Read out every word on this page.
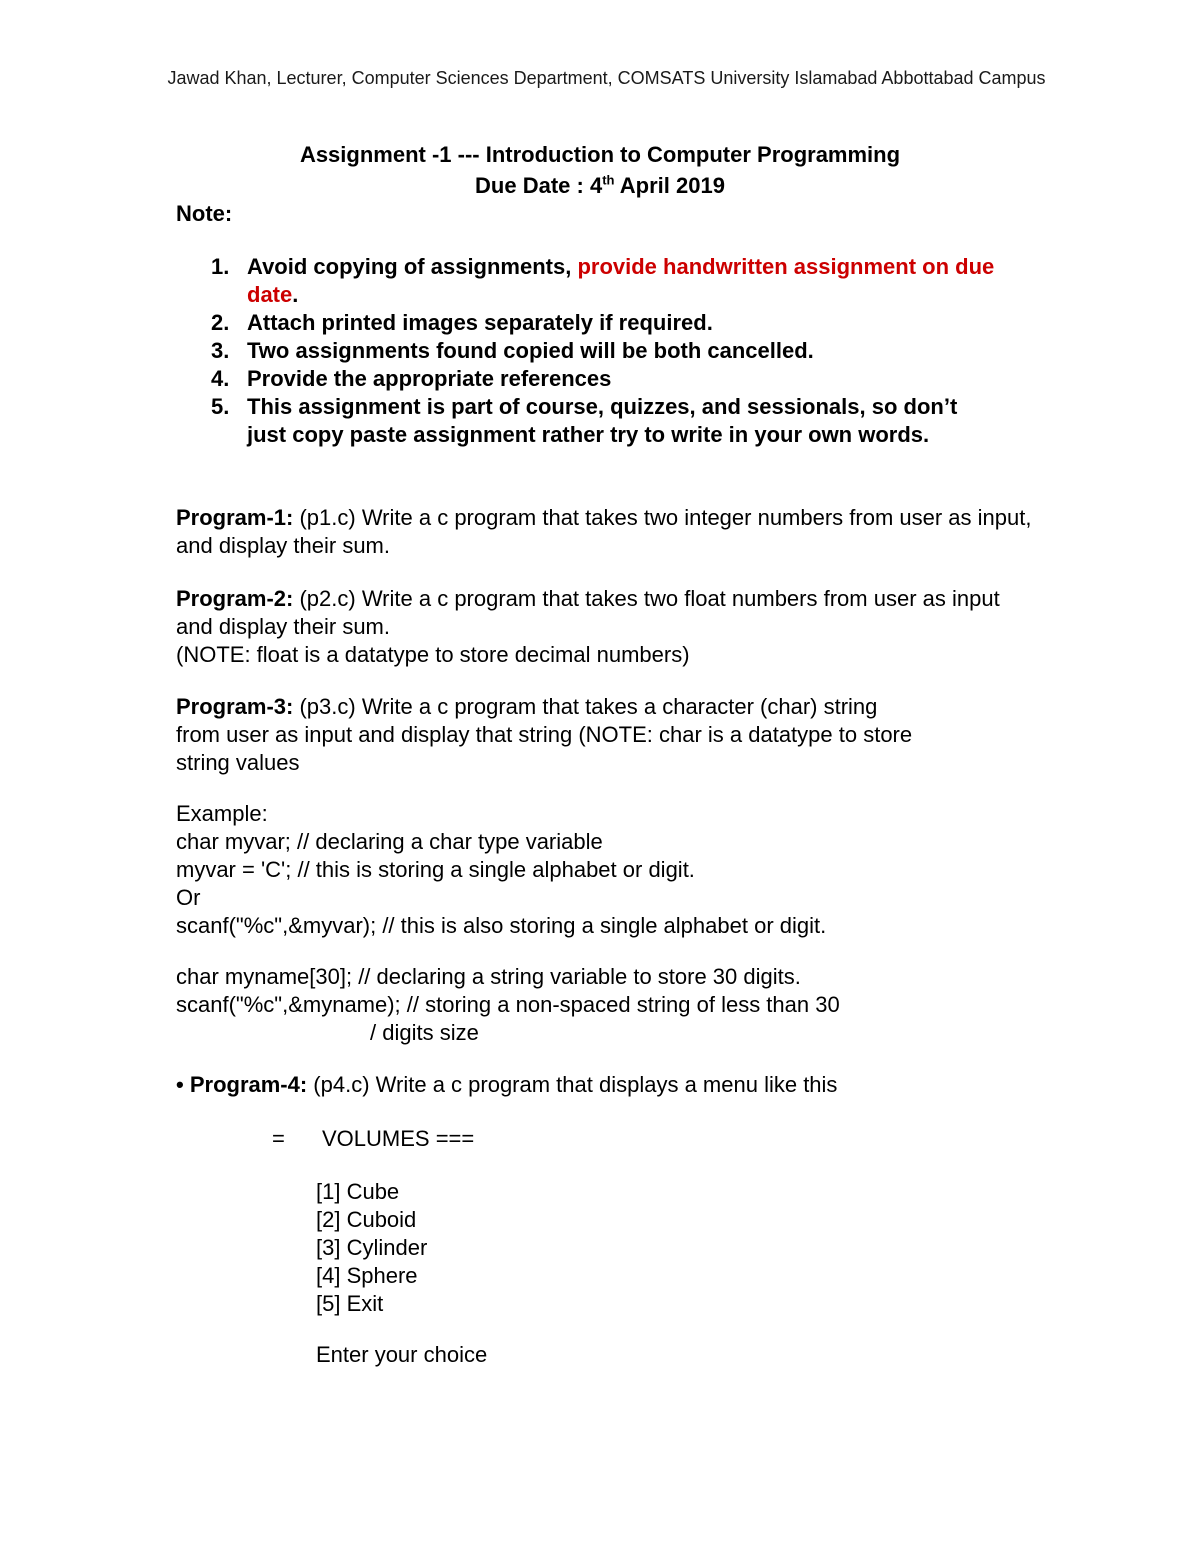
Jawad Khan, Lecturer, Computer Sciences Department, COMSATS University Islamabad Abbottabad Campus
Assignment -1 --- Introduction to Computer Programming
Due Date : 4th April 2019
Note:
1. Avoid copying of assignments, provide handwritten assignment on due date.
2. Attach printed images separately if required.
3. Two assignments found copied will be both cancelled.
4. Provide the appropriate references
5. This assignment is part of course, quizzes, and sessionals, so don’t just copy paste assignment rather try to write in your own words.
Program-1: (p1.c) Write a c program that takes two integer numbers from user as input, and display their sum.
Program-2: (p2.c) Write a c program that takes two float numbers from user as input and display their sum.
(NOTE: float is a datatype to store decimal numbers)
Program-3: (p3.c) Write a c program that takes a character (char) string
from user as input and display that string (NOTE: char is a datatype to store
string values
Example:
char myvar; // declaring a char type variable
myvar = 'C'; // this is storing a single alphabet or digit.
Or
scanf("%c",&myvar); // this is also storing a single alphabet or digit.
char myname[30]; // declaring a string variable to store 30 digits.
scanf("%c",&myname); // storing a non-spaced string of less than 30
/ digits size
• Program-4: (p4.c) Write a c program that displays a menu like this
= VOLUMES ===
[1] Cube
[2] Cuboid
[3] Cylinder
[4] Sphere
[5] Exit
Enter your choice
